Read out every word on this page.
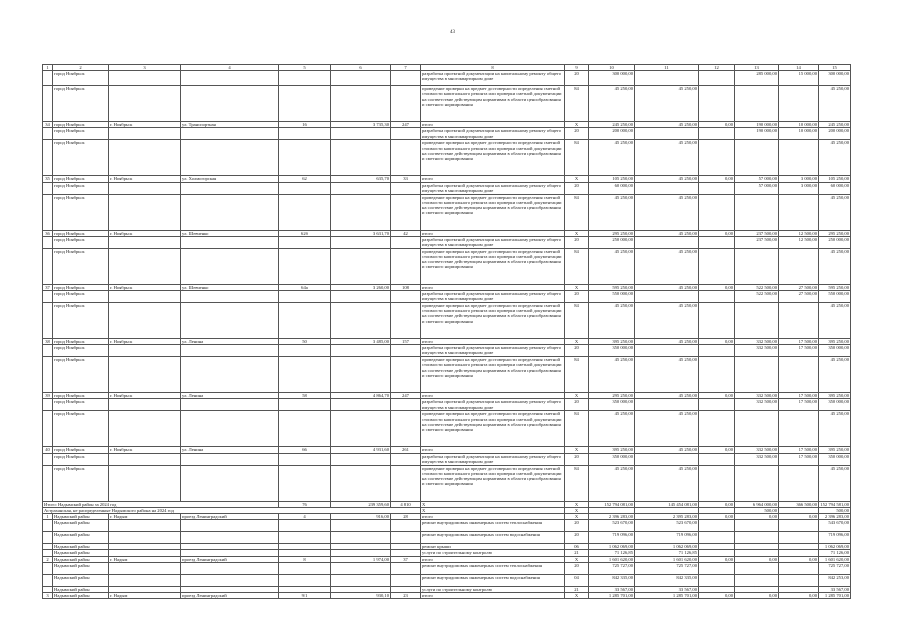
43
1	2	3	4	5	6	7	8	9	10	11	12	13	14	15
	город Ноябрьск						разработка проектной документации на капитальному ремонту общего имущества в многоквартирном доме	20	300 000,00			285 000,00	15 000,00	300 000,00
	город Ноябрьск						проведение проверки на предмет достоверности определения сметной стоимости капитального ремонта или проверки сметной документации на соответствие действующим нормативам в области ценообразования и сметного нормирования	84	45 250,00	45 250,00				45 250,00
34	город Ноябрьск	г. Ноябрьск	ул. Транспортная	16	3 735,30	247	итого	X	245 250,00	45 250,00	0,00	190 000,00	10 000,00	245 250,00
	город Ноябрьск						разработка проектной документации на капитальному ремонту общего имущества в многоквартирном доме	20	200 000,00			190 000,00	10 000,00	200 000,00
	город Ноябрьск						проведение проверки на предмет достоверности определения сметной стоимости капитального ремонта или проверки сметной документации на соответствие действующим нормативам в области ценообразования и сметного нормирования	84	45 250,00	45 250,00				45 250,00
35	город Ноябрьск	г. Ноябрьск	ул. Холмогорская	62	635,70	33	итого	X	105 250,00	45 250,00	0,00	57 000,00	3 000,00	105 250,00
	город Ноябрьск						разработка проектной документации на капитальному ремонту общего имущества в многоквартирном доме	20	60 000,00			57 000,00	3 000,00	60 000,00
	город Ноябрьск						проведение проверки на предмет достоверности определения сметной стоимости капитального ремонта или проверки сметной документации на соответствие действующим нормативам в области ценообразования и сметного нормирования	84	45 250,00	45 250,00				45 250,00
36	город Ноябрьск	г. Ноябрьск	ул. Шевченко	62б	3 631,70	42	итого	X	295 250,00	45 250,00	0,00	237 500,00	12 500,00	295 250,00
	город Ноябрьск						разработка проектной документации на капитальному ремонту общего имущества в многоквартирном доме	20	250 000,00			237 500,00	12 500,00	250 000,00
	город Ноябрьск						проведение проверки на предмет достоверности определения сметной стоимости капитального ремонта или проверки сметной документации на соответствие действующим нормативам в области ценообразования и сметного нормирования	84	45 250,00	45 250,00				45 250,00
37	город Ноябрьск	г. Ноябрьск	ул. Шевченко	64а	3 260,00	108	итого	X	595 250,00	45 250,00	0,00	522 500,00	27 500,00	595 250,00
	город Ноябрьск						разработка проектной документации на капитальному ремонту общего имущества в многоквартирном доме	20	550 000,00			522 500,00	27 500,00	550 000,00
	город Ноябрьск						проведение проверки на предмет достоверности определения сметной стоимости капитального ремонта или проверки сметной документации на соответствие действующим нормативам в области ценообразования и сметного нормирования	84	45 250,00	45 250,00				45 250,00
38	город Ноябрьск	г. Ноябрьск	ул. Ленина	50	3 485,00	157	итого	X	395 250,00	45 250,00	0,00	332 500,00	17 500,00	395 250,00
	город Ноябрьск						разработка проектной документации на капитальному ремонту общего имущества в многоквартирном доме	20	350 000,00			332 500,00	17 500,00	350 000,00
	город Ноябрьск						проведение проверки на предмет достоверности определения сметной стоимости капитального ремонта или проверки сметной документации на соответствие действующим нормативам в области ценообразования и сметного нормирования	84	45 250,00	45 250,00				45 250,00
39	город Ноябрьск	г. Ноябрьск	ул. Ленина	58	4 864,70	247	итого	X	295 250,00	45 250,00	0,00	332 500,00	17 500,00	395 250,00
	город Ноябрьск						разработка проектной документации на капитальному ремонту общего имущества в многоквартирном доме	20	350 000,00			332 500,00	17 500,00	350 000,00
	город Ноябрьск						проведение проверки на предмет достоверности определения сметной стоимости капитального ремонта или проверки сметной документации на соответствие действующим нормативам в области ценообразования и сметного нормирования	84	45 250,00	45 250,00				45 250,00
40	город Ноябрьск	г. Ноябрьск	ул. Ленина	66	4 931,60	261	итого	X	395 250,00	45 250,00	0,00	332 500,00	17 500,00	395 250,00
	город Ноябрьск						разработка проектной документации на капитальному ремонту общего имущества в многоквартирном доме	20	350 000,00			332 500,00	17 500,00	350 000,00
	город Ноябрьск						проведение проверки на предмет достоверности определения сметной стоимости капитального ремонта или проверки сметной документации на соответствие действующим нормативам в области ценообразования и сметного нормирования	84	45 250,00	45 250,00				45 250,00
Итого: Надымский район за 2024 год				76	239 359,60	4 810	X	X	152 794 081,00	145 454 081,00	0,00	6 964 000,00	366 500,00	152 794 581,00
Астраханская, не распределенные Надымского района на 2024 год							X	X				500,00		500,00
1	Надымский район	г. Надым	проезд Ленинградский	4	916,00	28	итого	X	2 396 283,00	2 395 283,00	0,00	0,00	0,00	2 396 283,00
	Надымский район						ремонт внутридомовых инженерных систем теплоснабжения	20	523 670,00	523 670,00				543 670,00
	Надымский район						ремонт внутридомовых инженерных систем водоснабжения	20	719 096,00	719 096,00				719 096,00
	Надымский район						ремонт крыши	06	1 062 069,00	1 062 069,00				1 062 069,00
	Надымский район						услуги по строительному контролю	21	71 126,85	71 126,85				71 126,00
2	Надымский район	г. Надым	проезд Ленинградский	8	1 974,00	37	итого	X	1 601 620,00	1 601 620,00	0,00	0,00	0,00	1 601 620,00
	Надымский район						ремонт внутридомовых инженерных систем теплоснабжения	20	725 727,00	725 727,00				725 727,00
	Надымский район						ремонт внутридомовых инженерных систем водоснабжения	04	842 335,00	842 335,00				842 253,00
	Надымский район						услуги по строительному контролю	21	33 567,00	33 567,00				33 567,00
3	Надымский район	г. Надым	проезд Ленинградский	9/1	930,10	23	итого	X	1 285 701,00	1 285 701,00	0,00	0,00	0,00	1 285 701,00
